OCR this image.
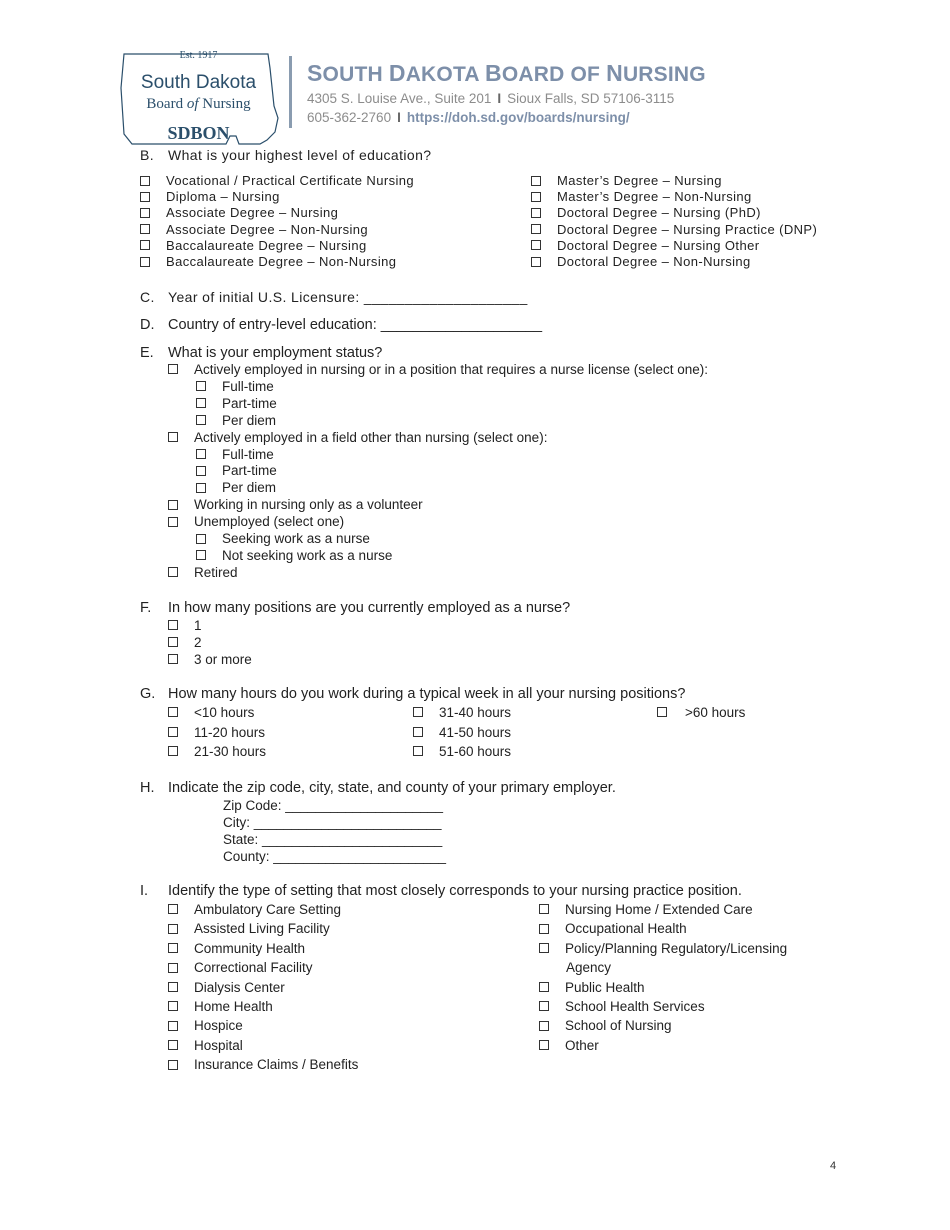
Est. 1917
South Dakota
Board of Nursing
SDBON
SOUTH DAKOTA BOARD OF NURSING
4305 S. Louise Ave., Suite 201 I Sioux Falls, SD 57106-3115
605-362-2760 I https://doh.sd.gov/boards/nursing/
B. What is your highest level of education?
Vocational / Practical Certificate Nursing
Diploma – Nursing
Associate Degree – Nursing
Associate Degree – Non-Nursing
Baccalaureate Degree – Nursing
Baccalaureate Degree – Non-Nursing
Master’s Degree – Nursing
Master’s Degree – Non-Nursing
Doctoral Degree – Nursing (PhD)
Doctoral Degree – Nursing Practice (DNP)
Doctoral Degree – Nursing Other
Doctoral Degree – Non-Nursing
C. Year of initial U.S. Licensure: ____________________
D. Country of entry-level education: ____________________
E. What is your employment status?
Actively employed in nursing or in a position that requires a nurse license (select one):
Full-time
Part-time
Per diem
Actively employed in a field other than nursing (select one):
Full-time
Part-time
Per diem
Working in nursing only as a volunteer
Unemployed (select one)
Seeking work as a nurse
Not seeking work as a nurse
Retired
F. In how many positions are you currently employed as a nurse?
1
2
3 or more
G. How many hours do you work during a typical week in all your nursing positions?
<10 hours
11-20 hours
21-30 hours
31-40 hours
41-50 hours
51-60 hours
>60 hours
H. Indicate the zip code, city, state, and county of your primary employer.
Zip Code: _____________________
City: _________________________
State: ________________________
County: _______________________
I. Identify the type of setting that most closely corresponds to your nursing practice position.
Ambulatory Care Setting
Assisted Living Facility
Community Health
Correctional Facility
Dialysis Center
Home Health
Hospice
Hospital
Insurance Claims / Benefits
Nursing Home / Extended Care
Occupational Health
Policy/Planning Regulatory/Licensing
Agency
Public Health
School Health Services
School of Nursing
Other
4
